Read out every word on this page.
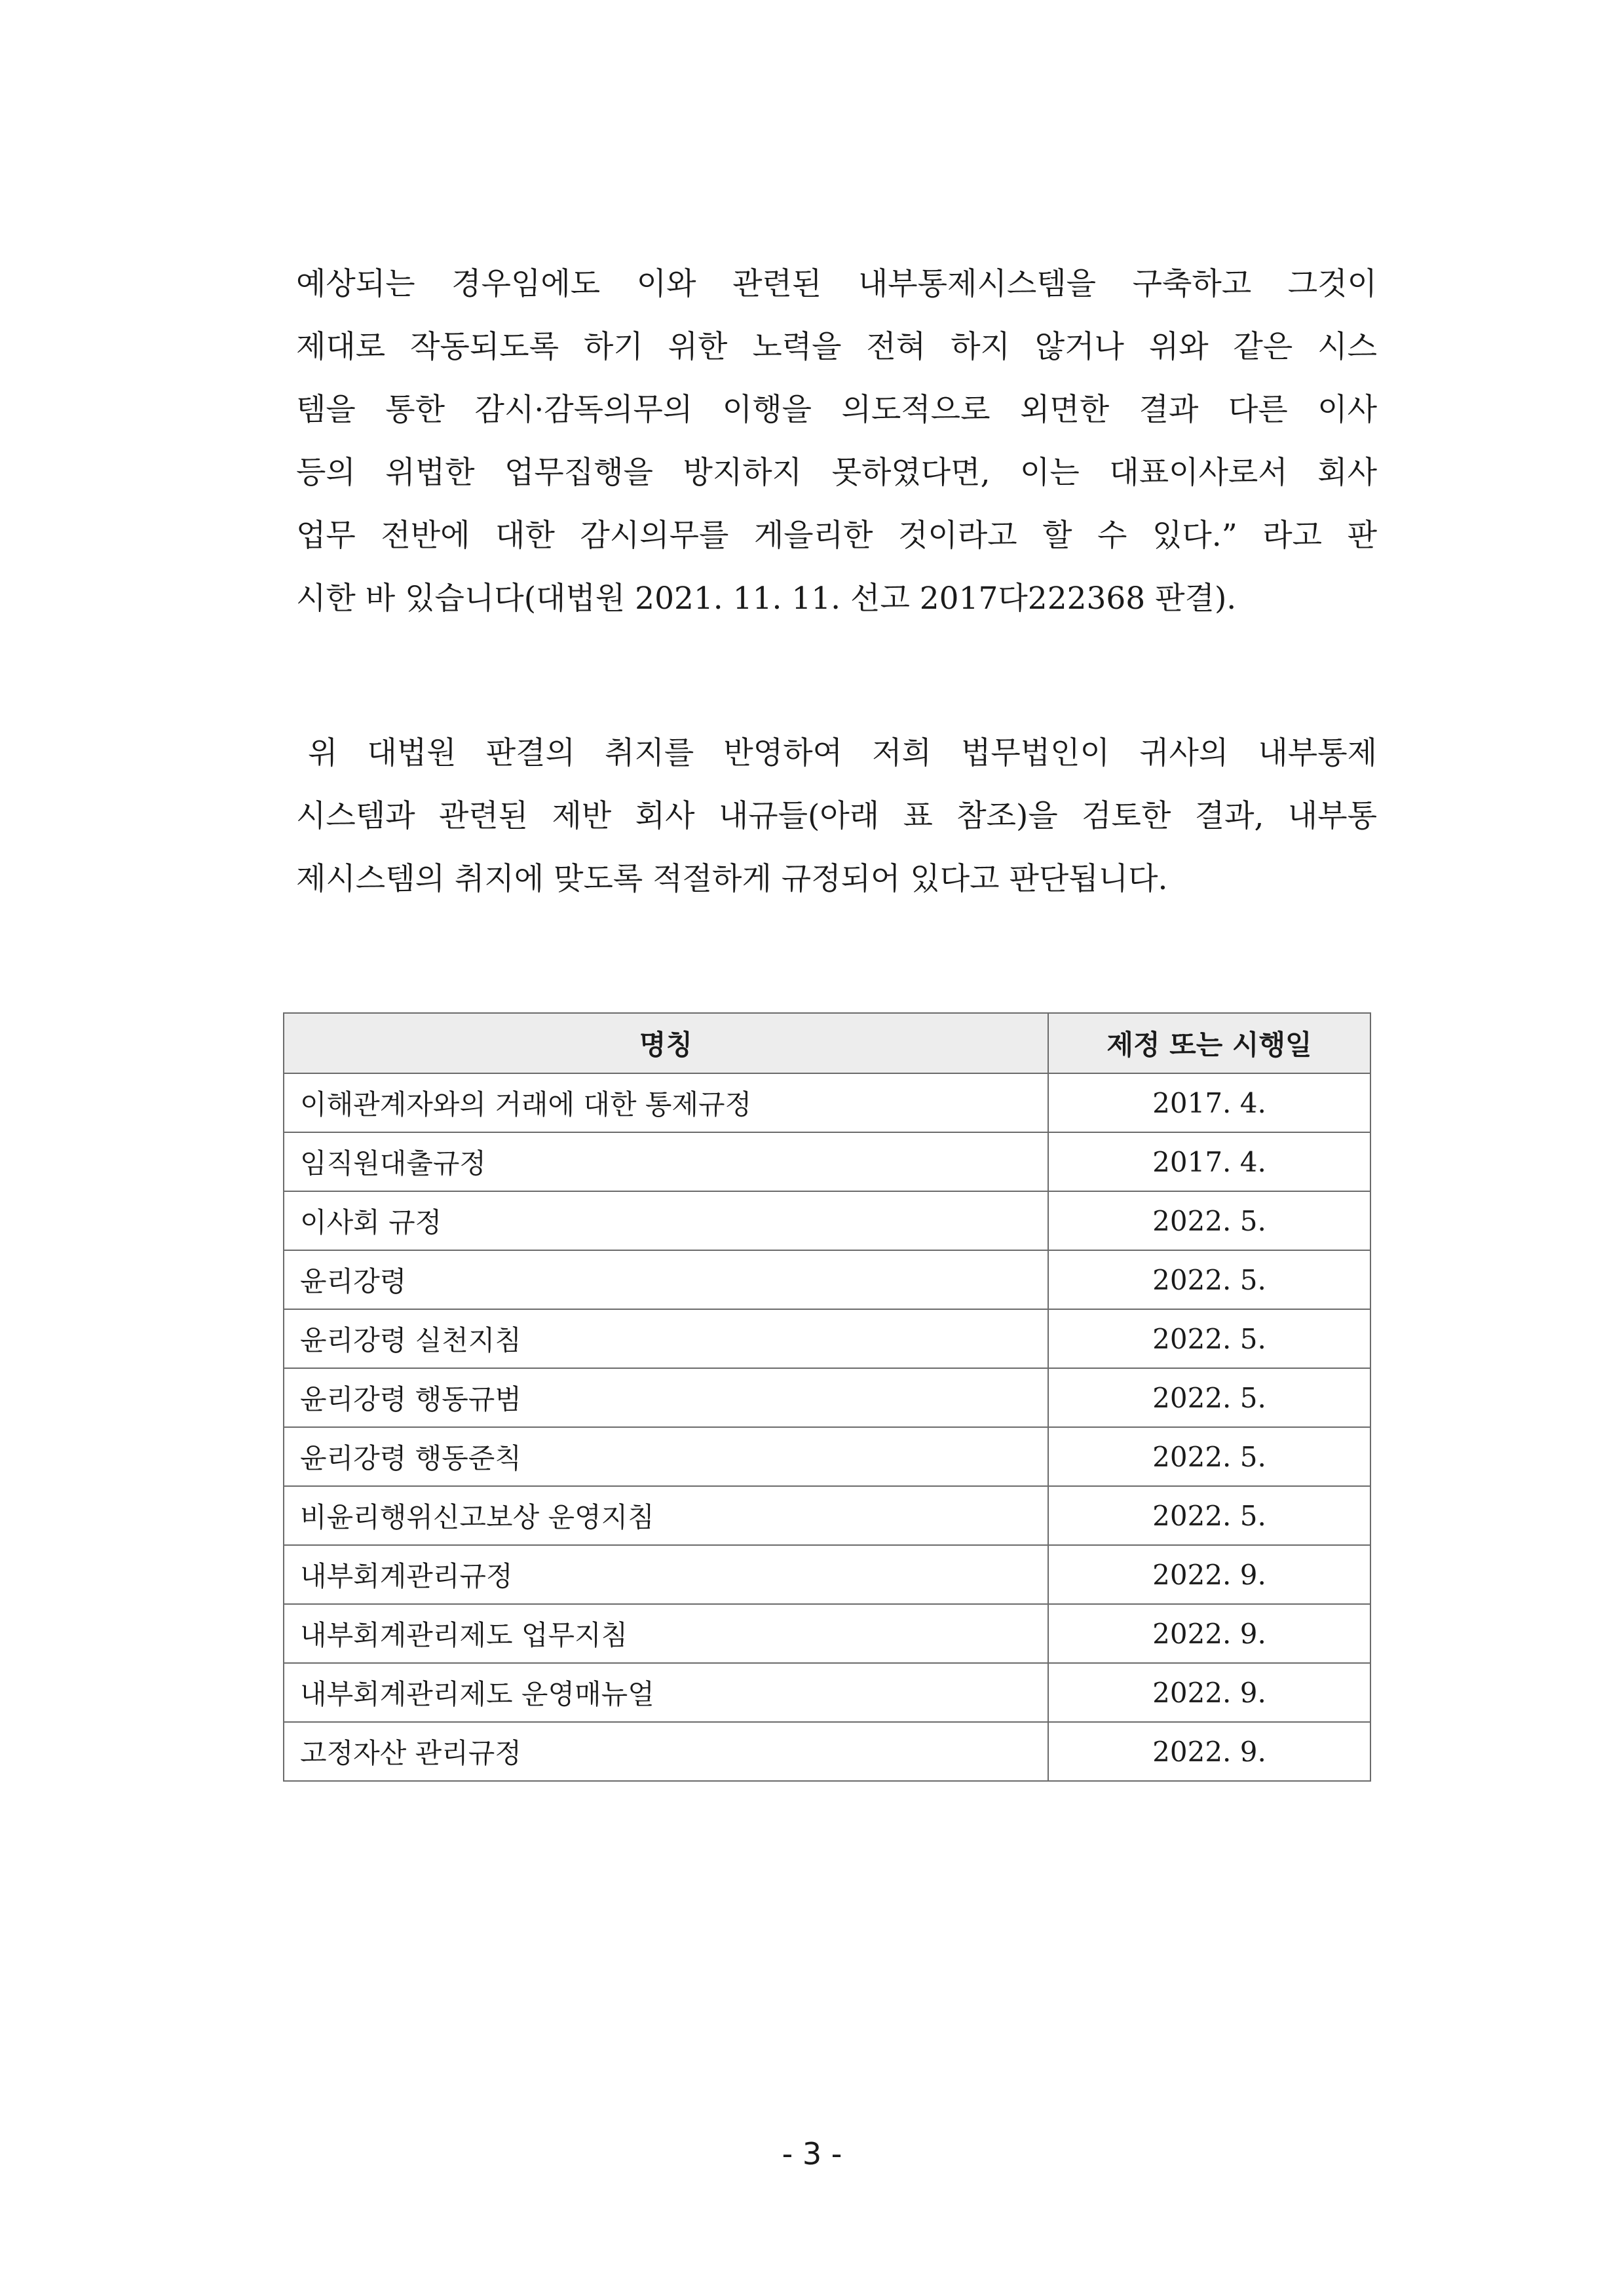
예상되는 경우임에도 이와 관련된 내부통제시스템을 구축하고 그것이
제대로 작동되도록 하기 위한 노력을 전혀 하지 않거나 위와 같은 시스
템을 통한 감시·감독의무의 이행을 의도적으로 외면한 결과 다른 이사
등의 위법한 업무집행을 방지하지 못하였다면, 이는 대표이사로서 회사
업무 전반에 대한 감시의무를 게을리한 것이라고 할 수 있다.” 라고 판
시한 바 있습니다(대법원 2021. 11. 11. 선고 2017다222368 판결).

위 대법원 판결의 취지를 반영하여 저희 법무법인이 귀사의 내부통제
시스템과 관련된 제반 회사 내규들(아래 표 참조)을 검토한 결과, 내부통
제시스템의 취지에 맞도록 적절하게 규정되어 있다고 판단됩니다.

명칭	제정 또는 시행일
이해관계자와의 거래에 대한 통제규정	2017. 4.
임직원대출규정	2017. 4.
이사회 규정	2022. 5.
윤리강령	2022. 5.
윤리강령 실천지침	2022. 5.
윤리강령 행동규범	2022. 5.
윤리강령 행동준칙	2022. 5.
비윤리행위신고보상 운영지침	2022. 5.
내부회계관리규정	2022. 9.
내부회계관리제도 업무지침	2022. 9.
내부회계관리제도 운영매뉴얼	2022. 9.
고정자산 관리규정	2022. 9.
- 3 -
